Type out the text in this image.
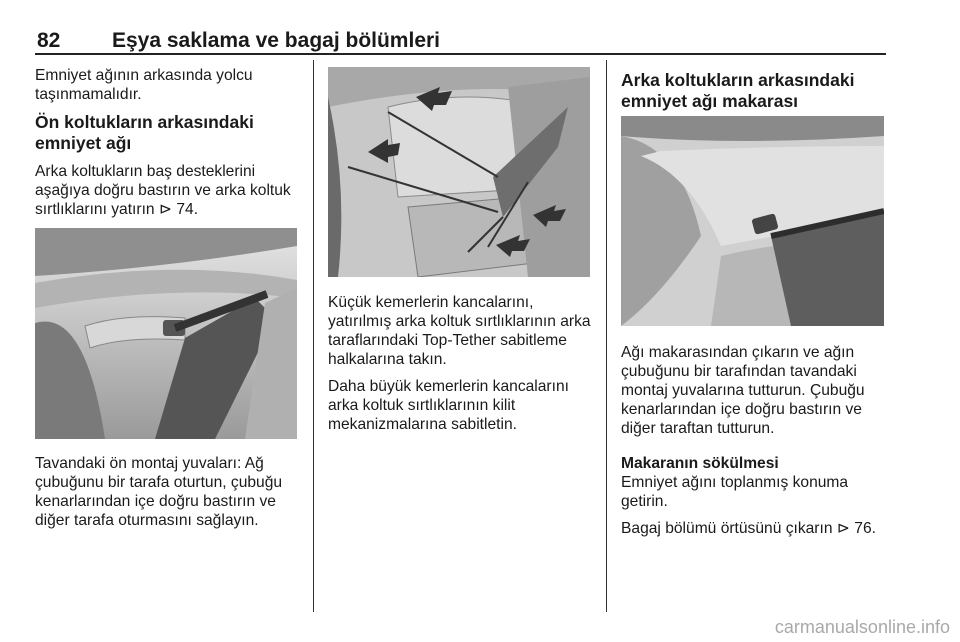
82 Eşya saklama ve bagaj bölümleri

Emniyet ağının arkasında yolcu taşınmamalıdır.

Ön koltukların arkasındaki emniyet ağı

Arka koltukların baş desteklerini aşağıya doğru bastırın ve arka koltuk sırtlıklarını yatırın ⊳ 74.

Tavandaki ön montaj yuvaları: Ağ çubuğunu bir tarafa oturtun, çubuğu kenarlarından içe doğru bastırın ve diğer tarafa oturmasını sağlayın.

Küçük kemerlerin kancalarını, yatırılmış arka koltuk sırtlıklarının arka taraflarındaki Top-Tether sabitleme halkalarına takın.

Daha büyük kemerlerin kancalarını arka koltuk sırtlıklarının kilit mekanizmalarına sabitletin.

Arka koltukların arkasındaki emniyet ağı makarası

Ağı makarasından çıkarın ve ağın çubuğunu bir tarafından tavandaki montaj yuvalarına tutturun. Çubuğu kenarlarından içe doğru bastırın ve diğer taraftan tutturun.

Makaranın sökülmesi

Emniyet ağını toplanmış konuma getirin.

Bagaj bölümü örtüsünü çıkarın ⊳ 76.

carmanualsonline.info
